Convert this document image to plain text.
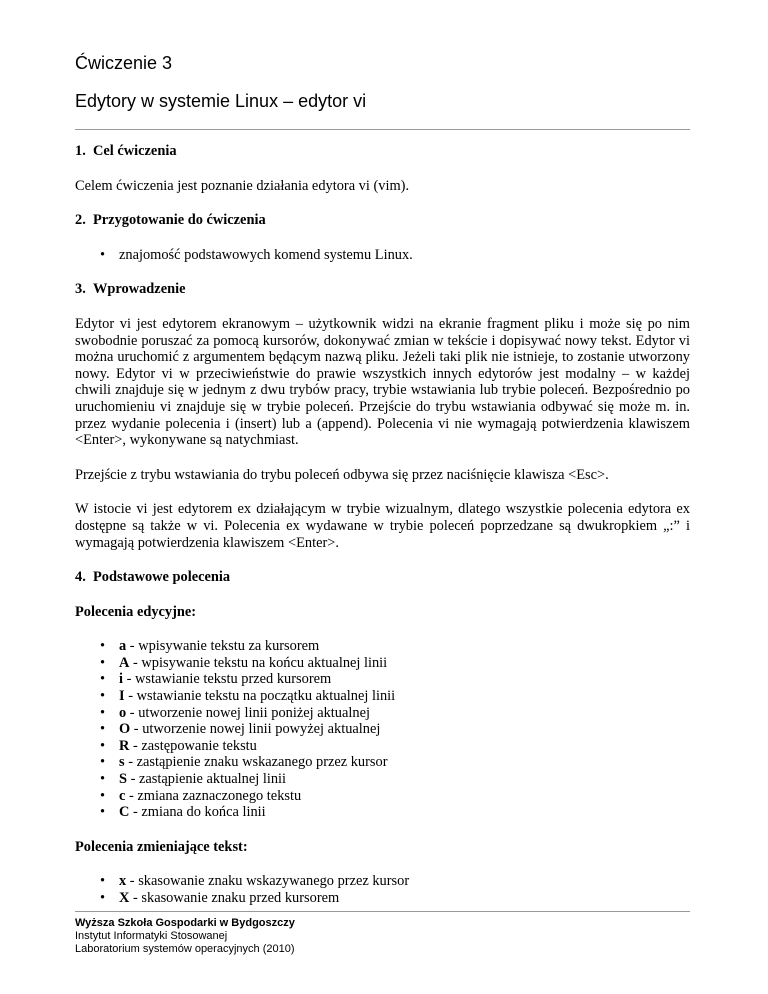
Ćwiczenie 3
Edytory w systemie Linux – edytor vi
1. Cel ćwiczenia

Celem ćwiczenia jest poznanie działania edytora vi (vim).

2. Przygotowanie do ćwiczenia
• znajomość podstawowych komend systemu Linux.
3. Wprowadzenie

Edytor vi jest edytorem ekranowym – użytkownik widzi na ekranie fragment pliku i może się po nim swobodnie poruszać za pomocą kursorów, dokonywać zmian w tekście i dopisywać nowy tekst. Edytor vi można uruchomić z argumentem będącym nazwą pliku. Jeżeli taki plik nie istnieje, to zostanie utworzony nowy. Edytor vi w przeciwieństwie do prawie wszystkich innych edytorów jest modalny – w każdej chwili znajduje się w jednym z dwu trybów pracy, trybie wstawiania lub trybie poleceń. Bezpośrednio po uruchomieniu vi znajduje się w trybie poleceń. Przejście do trybu wstawiania odbywać się może m. in. przez wydanie polecenia i (insert) lub a (append). Polecenia vi nie wymagają potwierdzenia klawiszem <Enter>, wykonywane są natychmiast.

Przejście z trybu wstawiania do trybu poleceń odbywa się przez naciśnięcie klawisza <Esc>.

W istocie vi jest edytorem ex działającym w trybie wizualnym, dlatego wszystkie polecenia edytora ex dostępne są także w vi. Polecenia ex wydawane w trybie poleceń poprzedzane są dwukropkiem „:” i wymagają potwierdzenia klawiszem <Enter>.

4. Podstawowe polecenia
Polecenia edycyjne:
• a - wpisywanie tekstu za kursorem
• A - wpisywanie tekstu na końcu aktualnej linii
• i - wstawianie tekstu przed kursorem
• I - wstawianie tekstu na początku aktualnej linii
• o - utworzenie nowej linii poniżej aktualnej
• O - utworzenie nowej linii powyżej aktualnej
• R - zastępowanie tekstu
• s - zastąpienie znaku wskazanego przez kursor
• S - zastąpienie aktualnej linii
• c - zmiana zaznaczonego tekstu
• C - zmiana do końca linii
Polecenia zmieniające tekst:
• x - skasowanie znaku wskazywanego przez kursor
• X - skasowanie znaku przed kursorem
Wyższa Szkoła Gospodarki w Bydgoszczy
Instytut Informatyki Stosowanej
Laboratorium systemów operacyjnych (2010)
